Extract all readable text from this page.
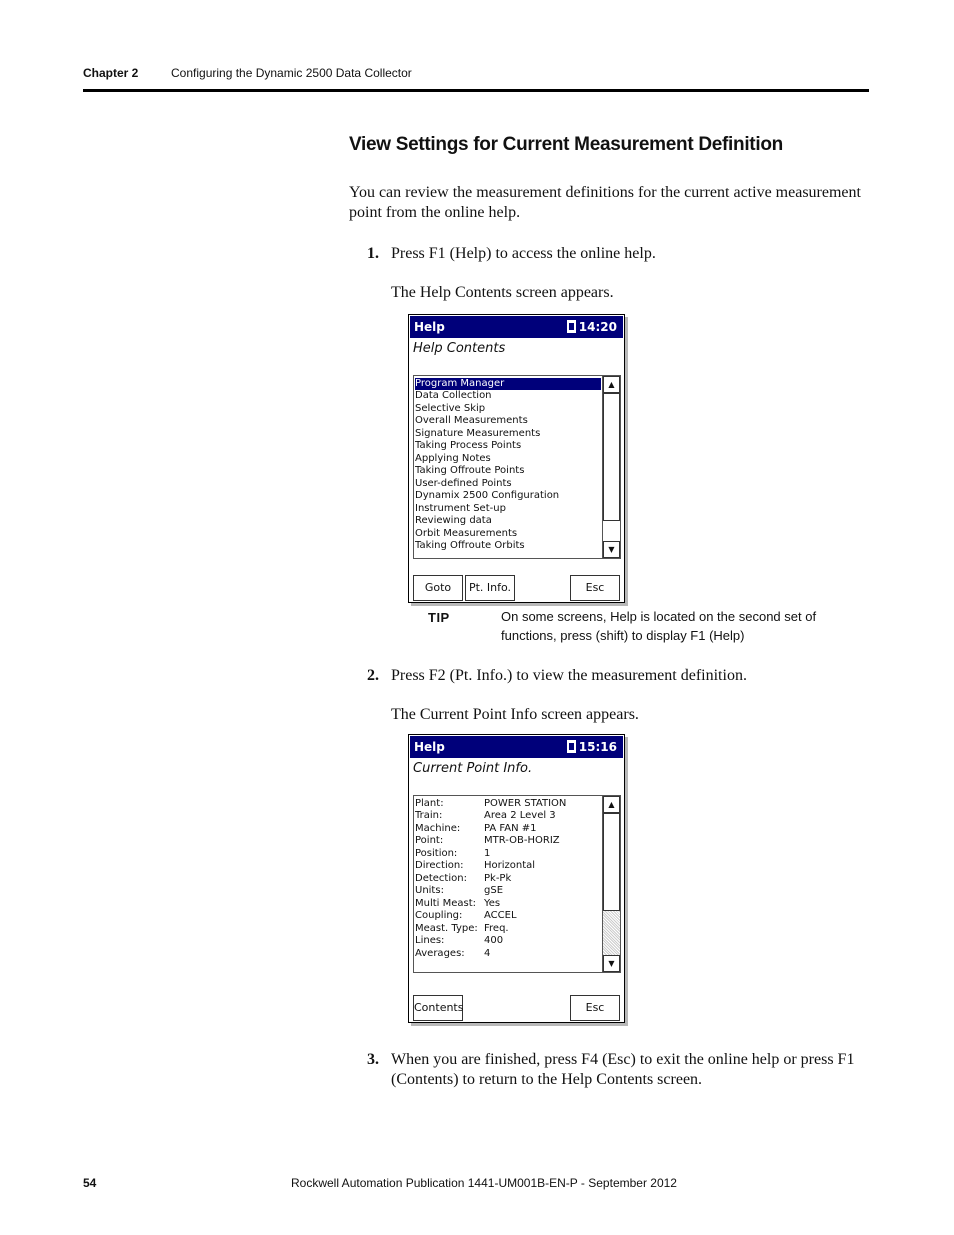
Chapter 2	Configuring the Dynamic 2500 Data Collector
View Settings for Current Measurement Definition
You can review the measurement definitions for the current active measurement point from the online help.
1. Press F1 (Help) to access the online help.
The Help Contents screen appears.
Help	14:20
Help Contents
Program Manager
Data Collection
Selective Skip
Overall Measurements
Signature Measurements
Taking Process Points
Applying Notes
Taking Offroute Points
User-defined Points
Dynamix 2500 Configuration
Instrument Set-up
Reviewing data
Orbit Measurements
Taking Offroute Orbits
▲
▼
Goto	Pt. Info.	Esc
TIP	On some screens, Help is located on the second set of functions, press (shift) to display F1 (Help)
2. Press F2 (Pt. Info.) to view the measurement definition.
The Current Point Info screen appears.
Help	15:16
Current Point Info.
Plant:	POWER STATION
Train:	Area 2 Level 3
Machine: PA FAN #1
Point:	MTR-OB-HORIZ
Position:	1
Direction: Horizontal
Detection: Pk-Pk
Units:	gSE
Multi Meast: Yes
Coupling: ACCEL
Meast. Type: Freq.
Lines:	400
Averages: 4
▲
▼
Contents	Esc
3. When you are finished, press F4 (Esc) to exit the online help or press F1 (Contents) to return to the Help Contents screen.
54	Rockwell Automation Publication 1441-UM001B-EN-P - September 2012
